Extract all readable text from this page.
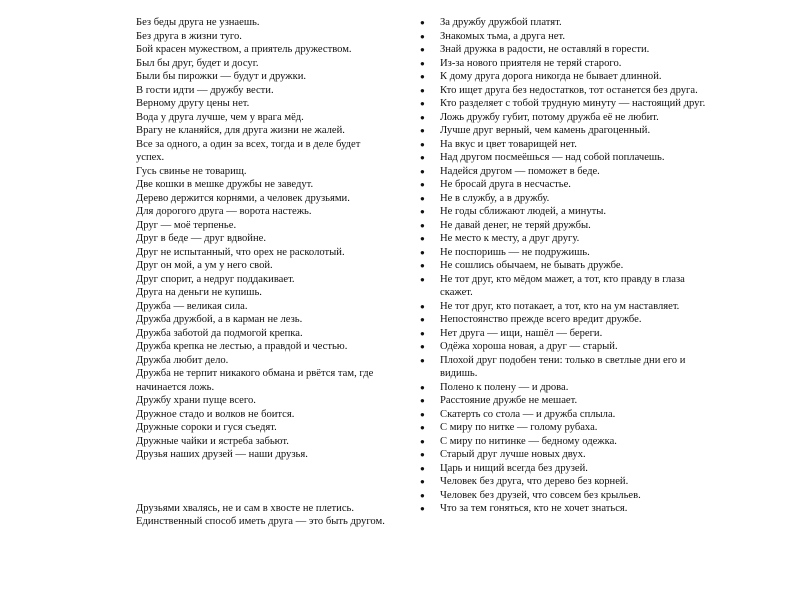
Без беды друга не узнаешь.
Без друга в жизни туго.
Бой красен мужеством, а приятель дружеством.
Был бы друг, будет и досуг.
Были бы пирожки — будут и дружки.
В гости идти — дружбу вести.
Верному другу цены нет.
Вода у друга лучше, чем у врага мёд.
Врагу не кланяйся, для друга жизни не жалей.
Все за одного, а один за всех, тогда и в деле будет успех.
Гусь свинье не товарищ.
Две кошки в мешке дружбы не заведут.
Дерево держится корнями, а человек друзьями.
Для дорогого друга — ворота настежь.
Друг — моё терпенье.
Друг в беде — друг вдвойне.
Друг не испытанный, что орех не расколотый.
Друг он мой, а ум у него свой.
Друг спорит, а недруг поддакивает.
Друга на деньги не купишь.
Дружба — великая сила.
Дружба дружбой, а в карман не лезь.
Дружба заботой да подмогой крепка.
Дружба крепка не лестью, а правдой и честью.
Дружба любит дело.
Дружба не терпит никакого обмана и рвётся там, где начинается ложь.
Дружбу храни пуще всего.
Дружное стадо и волков не боится.
Дружные сороки и гуся съедят.
Дружные чайки и ястреба забьют.
Друзья наших друзей — наши друзья.
Друзьями хвалясь, не и сам в хвосте не плетись.
Единственный способ иметь друга — это быть другом.
●	За дружбу дружбой платят.
●	Знакомых тьма, а друга нет.
●	Знай дружка в радости, не оставляй в горести.
●	Из-за нового приятеля не теряй старого.
●	К дому друга дорога никогда не бывает длинной.
●	Кто ищет друга без недостатков, тот останется без друга.
●	Кто разделяет с тобой трудную минуту — настоящий друг.
●	Ложь дружбу губит, потому дружба её не любит.
●	Лучше друг верный, чем камень драгоценный.
●	На вкус и цвет товарищей нет.
●	Над другом посмеёшься — над собой поплачешь.
●	Надейся другом — поможет в беде.
●	Не бросай друга в несчастье.
●	Не в службу, а в дружбу.
●	Не годы сближают людей, а минуты.
●	Не давай денег, не теряй дружбы.
●	Не место к месту, а друг другу.
●	Не поспоришь — не подружишь.
●	Не сошлись обычаем, не бывать дружбе.
●	Не тот друг, кто мёдом мажет, а тот, кто правду в глаза скажет.
●	Не тот друг, кто потакает, а тот, кто на ум наставляет.
●	Непостоянство прежде всего вредит дружбе.
●	Нет друга — ищи, нашёл — береги.
●	Одёжа хороша новая, а друг — старый.
●	Плохой друг подобен тени: только в светлые дни его и видишь.
●	Полено к полену — и дрова.
●	Расстояние дружбе не мешает.
●	Скатерть со стола — и дружба сплыла.
●	С миру по нитке — голому рубаха.
●	С миру по нитинке — бедному одежка.
●	Старый друг лучше новых двух.
●	Царь и нищий всегда без друзей.
●	Человек без друга, что дерево без корней.
●	Человек без друзей, что совсем без крыльев.
●	Что за тем гоняться, кто не хочет знаться.
